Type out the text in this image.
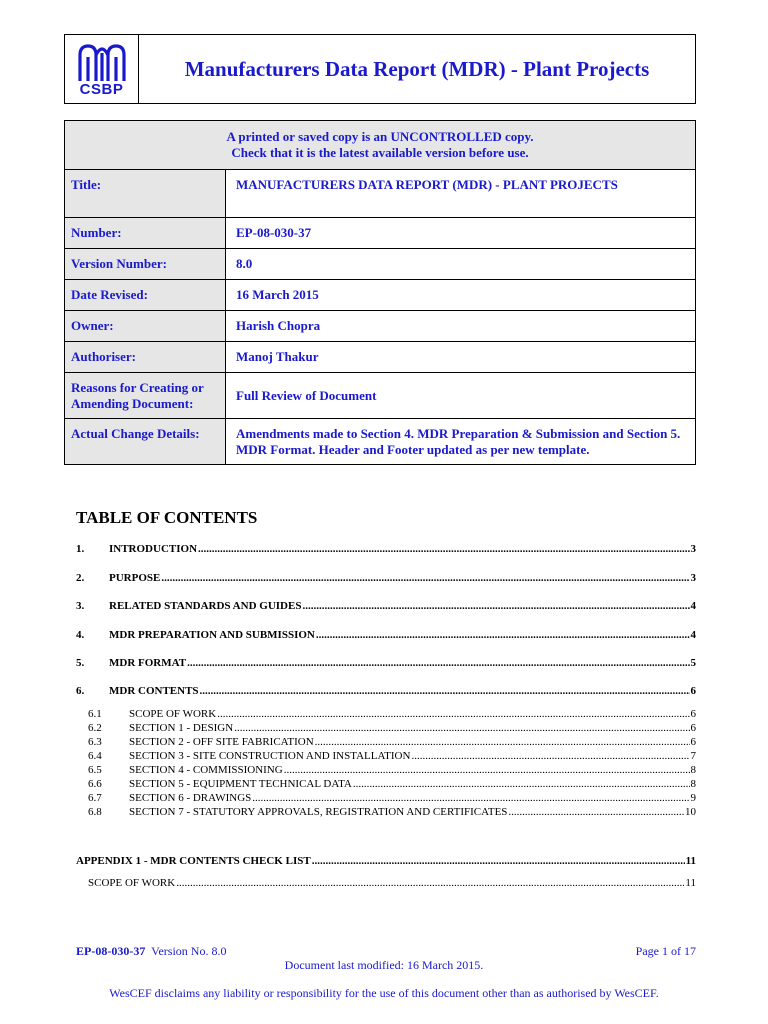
CSBP
Manufacturers Data Report (MDR) - Plant Projects
A printed or saved copy is an UNCONTROLLED copy.
Check that it is the latest available version before use.	

Title:	MANUFACTURERS DATA REPORT (MDR) - PLANT PROJECTS
Number:	EP-08-030-37
Version Number:	8.0
Date Revised:	16 March 2015
Owner:	Harish Chopra
Authoriser:	Manoj Thakur
Reasons for Creating or Amending Document:	Full Review of Document
Actual Change Details:	Amendments made to Section 4. MDR Preparation & Submission and Section 5. MDR Format. Header and Footer updated as per new template.
TABLE OF CONTENTS
1.	INTRODUCTION .....	3
2.	PURPOSE .....	3
3.	RELATED STANDARDS AND GUIDES .....	4
4.	MDR PREPARATION AND SUBMISSION .....	4
5.	MDR FORMAT .....	5
6.	MDR CONTENTS .....	6
6.1	SCOPE OF WORK .....	6
6.2	SECTION 1 - DESIGN .....	6
6.3	SECTION 2 - OFF SITE FABRICATION .....	6
6.4	SECTION 3 - SITE CONSTRUCTION AND INSTALLATION .....	7
6.5	SECTION 4 - COMMISSIONING .....	8
6.6	SECTION 5 - EQUIPMENT TECHNICAL DATA .....	8
6.7	SECTION 6 - DRAWINGS .....	9
6.8	SECTION 7 - STATUTORY APPROVALS, REGISTRATION AND CERTIFICATES .....	10
APPENDIX 1 - MDR CONTENTS CHECK LIST .....	11
SCOPE OF WORK .....	11
EP-08-030-37 Version No. 8.0	Page 1 of 17
Document last modified: 16 March 2015.
WesCEF disclaims any liability or responsibility for the use of this document other than as authorised by WesCEF.
